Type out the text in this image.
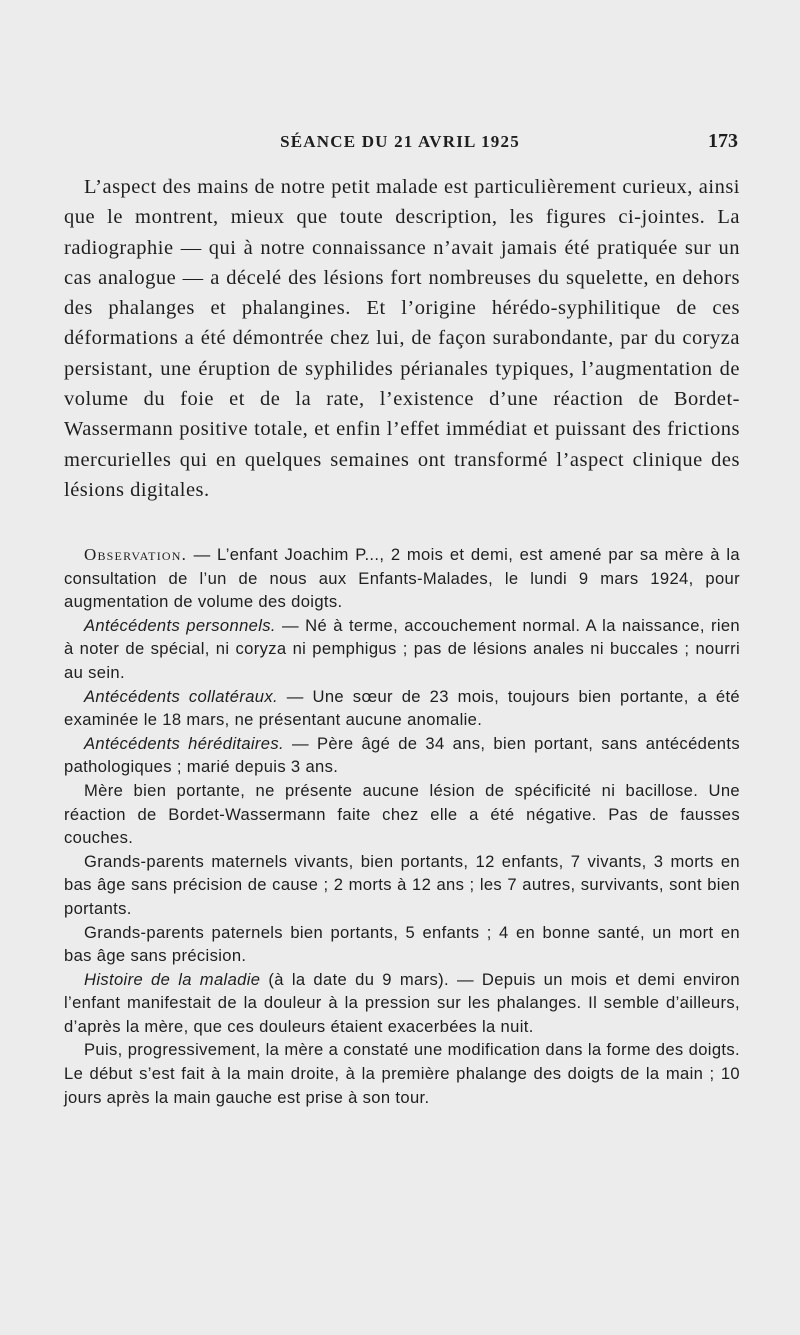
SÉANCE DU 21 AVRIL 1925	173

L’aspect des mains de notre petit malade est particulièrement curieux, ainsi que le montrent, mieux que toute description, les figures ci-jointes. La radiographie — qui à notre connaissance n’avait jamais été pratiquée sur un cas analogue — a décelé des lésions fort nombreuses du squelette, en dehors des phalanges et phalangines. Et l’origine hérédo-syphilitique de ces déformations a été démontrée chez lui, de façon surabondante, par du coryza persistant, une éruption de syphilides périanales typiques, l’augmentation de volume du foie et de la rate, l’existence d’une réaction de Bordet-Wassermann positive totale, et enfin l’effet immédiat et puissant des frictions mercurielles qui en quelques semaines ont transformé l’aspect clinique des lésions digitales.

Observation. — L’enfant Joachim P..., 2 mois et demi, est amené par sa mère à la consultation de l’un de nous aux Enfants-Malades, le lundi 9 mars 1924, pour augmentation de volume des doigts.

Antécédents personnels. — Né à terme, accouchement normal. A la naissance, rien à noter de spécial, ni coryza ni pemphigus ; pas de lésions anales ni buccales ; nourri au sein.

Antécédents collatéraux. — Une sœur de 23 mois, toujours bien portante, a été examinée le 18 mars, ne présentant aucune anomalie.

Antécédents héréditaires. — Père âgé de 34 ans, bien portant, sans antécédents pathologiques ; marié depuis 3 ans.

Mère bien portante, ne présente aucune lésion de spécificité ni bacillose. Une réaction de Bordet-Wassermann faite chez elle a été négative. Pas de fausses couches.

Grands-parents maternels vivants, bien portants, 12 enfants, 7 vivants, 3 morts en bas âge sans précision de cause ; 2 morts à 12 ans ; les 7 autres, survivants, sont bien portants.

Grands-parents paternels bien portants, 5 enfants ; 4 en bonne santé, un mort en bas âge sans précision.

Histoire de la maladie (à la date du 9 mars). — Depuis un mois et demi environ l’enfant manifestait de la douleur à la pression sur les phalanges. Il semble d’ailleurs, d’après la mère, que ces douleurs étaient exacerbées la nuit.

Puis, progressivement, la mère a constaté une modification dans la forme des doigts. Le début s’est fait à la main droite, à la première phalange des doigts de la main ; 10 jours après la main gauche est prise à son tour.
